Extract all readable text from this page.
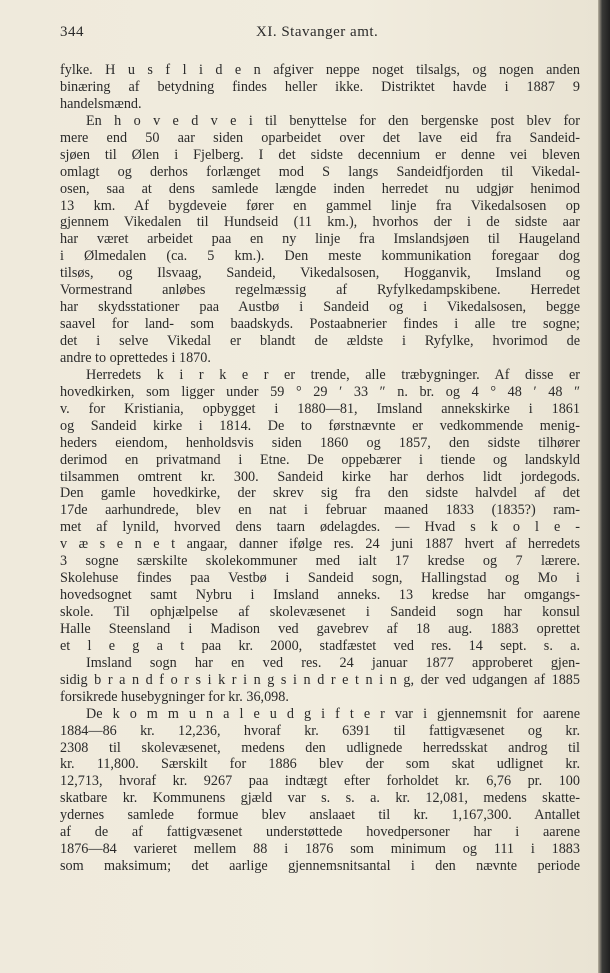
344	XI. Stavanger amt.
fylke. H u s f l i d e n afgiver neppe noget tilsalgs, og nogen anden
binæring af betydning findes heller ikke. Distriktet havde i 1887 9
handelsmænd.
En h o v e d v e i til benyttelse for den bergenske post blev for
mere end 50 aar siden oparbeidet over det lave eid fra Sandeid-
sjøen til Ølen i Fjelberg. I det sidste decennium er denne vei bleven
omlagt og derhos forlænget mod S langs Sandeidfjorden til Vikedal-
osen, saa at dens samlede længde inden herredet nu udgjør henimod
13 km. Af bygdeveie fører en gammel linje fra Vikedalsosen op
gjennem Vikedalen til Hundseid (11 km.), hvorhos der i de sidste aar
har været arbeidet paa en ny linje fra Imslandsjøen til Haugeland
i Ølmedalen (ca. 5 km.). Den meste kommunikation foregaar dog
tilsøs, og Ilsvaag, Sandeid, Vikedalsosen, Hogganvik, Imsland og
Vormestrand anløbes regelmæssig af Ryfylkedampskibene. Herredet
har skydsstationer paa Austbø i Sandeid og i Vikedalsosen, begge
saavel for land- som baadskyds. Postaabnerier findes i alle tre sogne;
det i selve Vikedal er blandt de ældste i Ryfylke, hvorimod de
andre to oprettedes i 1870.
Herredets k i r k e r er trende, alle træbygninger. Af disse er
hovedkirken, som ligger under 59 ° 29 ′ 33 ″ n. br. og 4 ° 48 ′ 48 ″
v. for Kristiania, opbygget i 1880—81, Imsland annekskirke i 1861
og Sandeid kirke i 1814. De to førstnævnte er vedkommende menig-
heders eiendom, henholdsvis siden 1860 og 1857, den sidste tilhører
derimod en privatmand i Etne. De oppebærer i tiende og landskyld
tilsammen omtrent kr. 300. Sandeid kirke har derhos lidt jordegods.
Den gamle hovedkirke, der skrev sig fra den sidste halvdel af det
17de aarhundrede, blev en nat i februar maaned 1833 (1835?) ram-
met af lynild, hvorved dens taarn ødelagdes. — Hvad s k o l e -
v æ s e n e t angaar, danner ifølge res. 24 juni 1887 hvert af herredets
3 sogne særskilte skolekommuner med ialt 17 kredse og 7 lærere.
Skolehuse findes paa Vestbø i Sandeid sogn, Hallingstad og Mo i
hovedsognet samt Nybru i Imsland anneks. 13 kredse har omgangs-
skole. Til ophjælpelse af skolevæsenet i Sandeid sogn har konsul
Halle Steensland i Madison ved gavebrev af 18 aug. 1883 oprettet
et l e g a t paa kr. 2000, stadfæstet ved res. 14 sept. s. a.
Imsland sogn har en ved res. 24 januar 1877 approberet gjen-
sidig b r a n d f o r s i k r i n g s i n d r e t n i n g, der ved udgangen af 1885
forsikrede husebygninger for kr. 36,098.
De k o m m u n a l e u d g i f t e r var i gjennemsnit for aarene
1884—86 kr. 12,236, hvoraf kr. 6391 til fattigvæsenet og kr.
2308 til skolevæsenet, medens den udlignede herredsskat androg til
kr. 11,800. Særskilt for 1886 blev der som skat udlignet kr.
12,713, hvoraf kr. 9267 paa indtægt efter forholdet kr. 6,76 pr. 100
skatbare kr. Kommunens gjæld var s. s. a. kr. 12,081, medens skatte-
ydernes samlede formue blev anslaaet til kr. 1,167,300. Antallet
af de af fattigvæsenet understøttede hovedpersoner har i aarene
1876—84 varieret mellem 88 i 1876 som minimum og 111 i 1883
som maksimum; det aarlige gjennemsnitsantal i den nævnte periode
